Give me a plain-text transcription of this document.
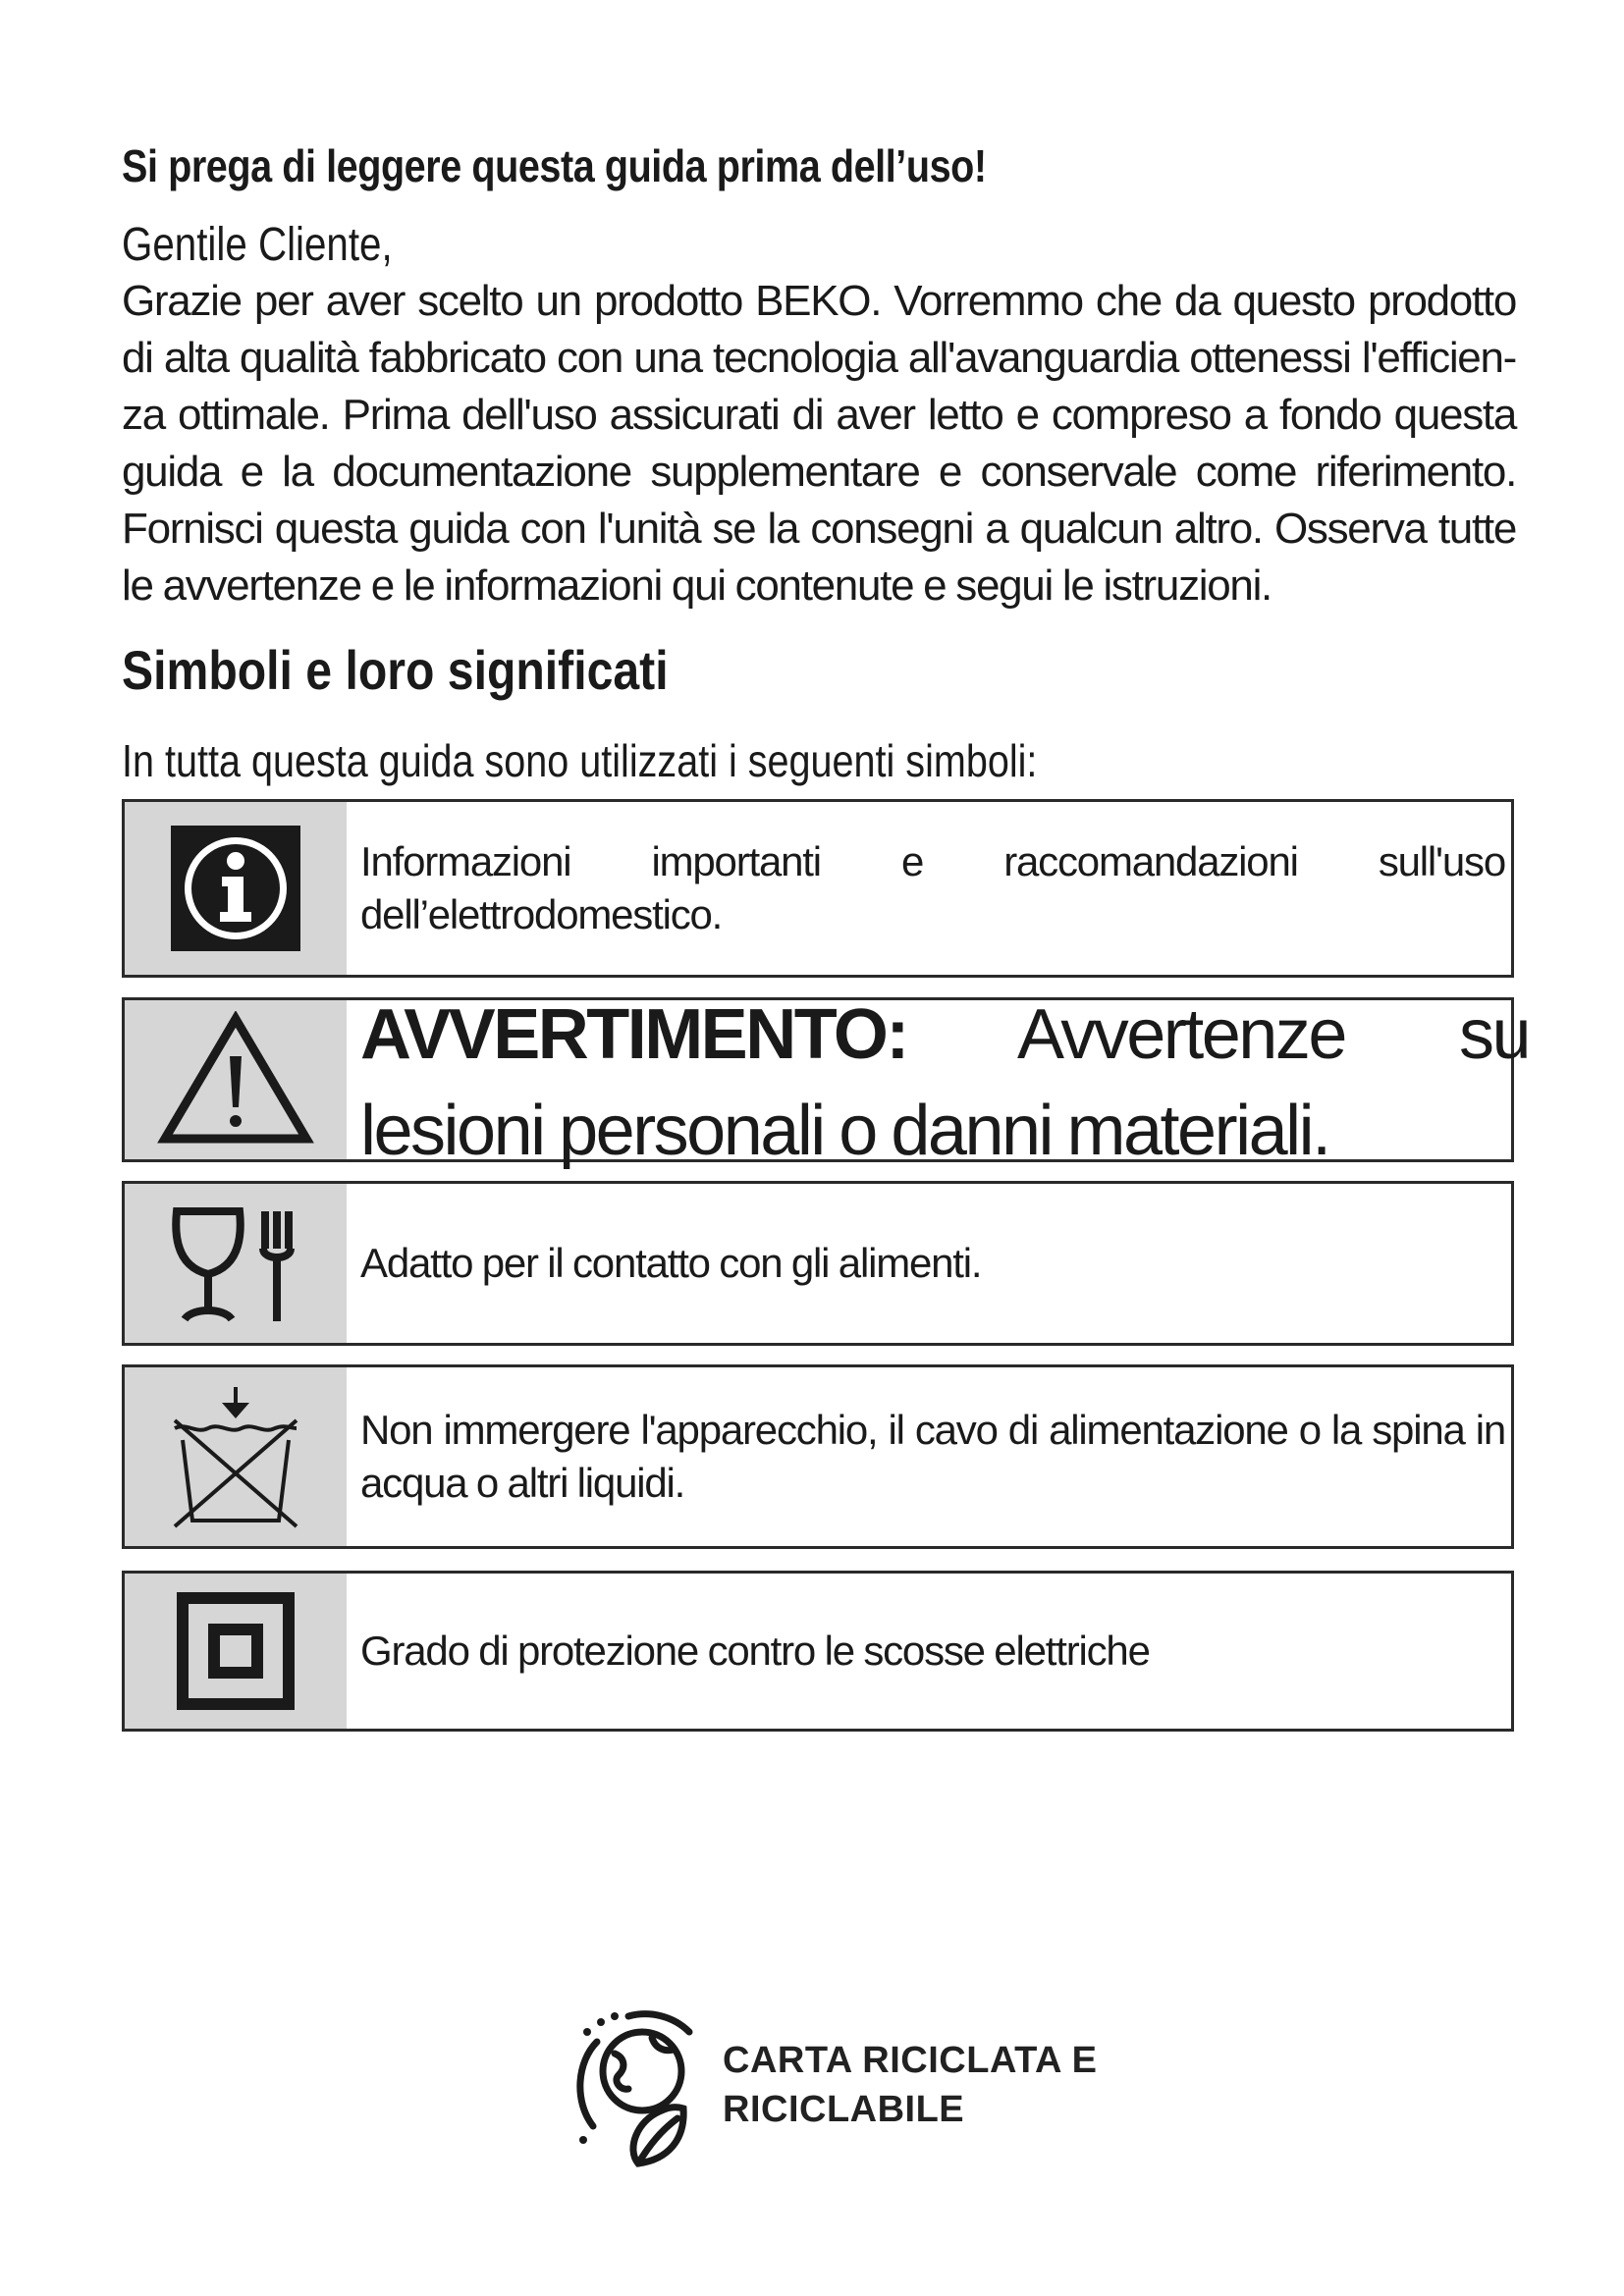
Si prega di leggere questa guida prima dell’uso!
Gentile Cliente,
Grazie per aver scelto un prodotto BEKO. Vorremmo che da questo prodotto di alta qualità fabbricato con una tecnologia all'avanguardia ottenessi l'efficien- za ottimale. Prima dell'uso assicurati di aver letto e compreso a fondo questa guida e la documentazione supplementare e conservale come riferimento. Fornisci questa guida con l'unità se la consegni a qualcun altro. Osserva tutte le avvertenze e le informazioni qui contenute e segui le istruzioni.
Simboli e loro significati
In tutta questa guida sono utilizzati i seguenti simboli:
Informazioni importanti e raccomandazioni sull'uso dell’elettrodomestico.
AVVERTIMENTO: Avvertenze su lesioni personali o danni materiali.
Adatto per il contatto con gli alimenti.
Non immergere l'apparecchio, il cavo di alimentazione o la spina in acqua o altri liquidi.
Grado di protezione contro le scosse elettriche
CARTA RICICLATA E
RICICLABILE
